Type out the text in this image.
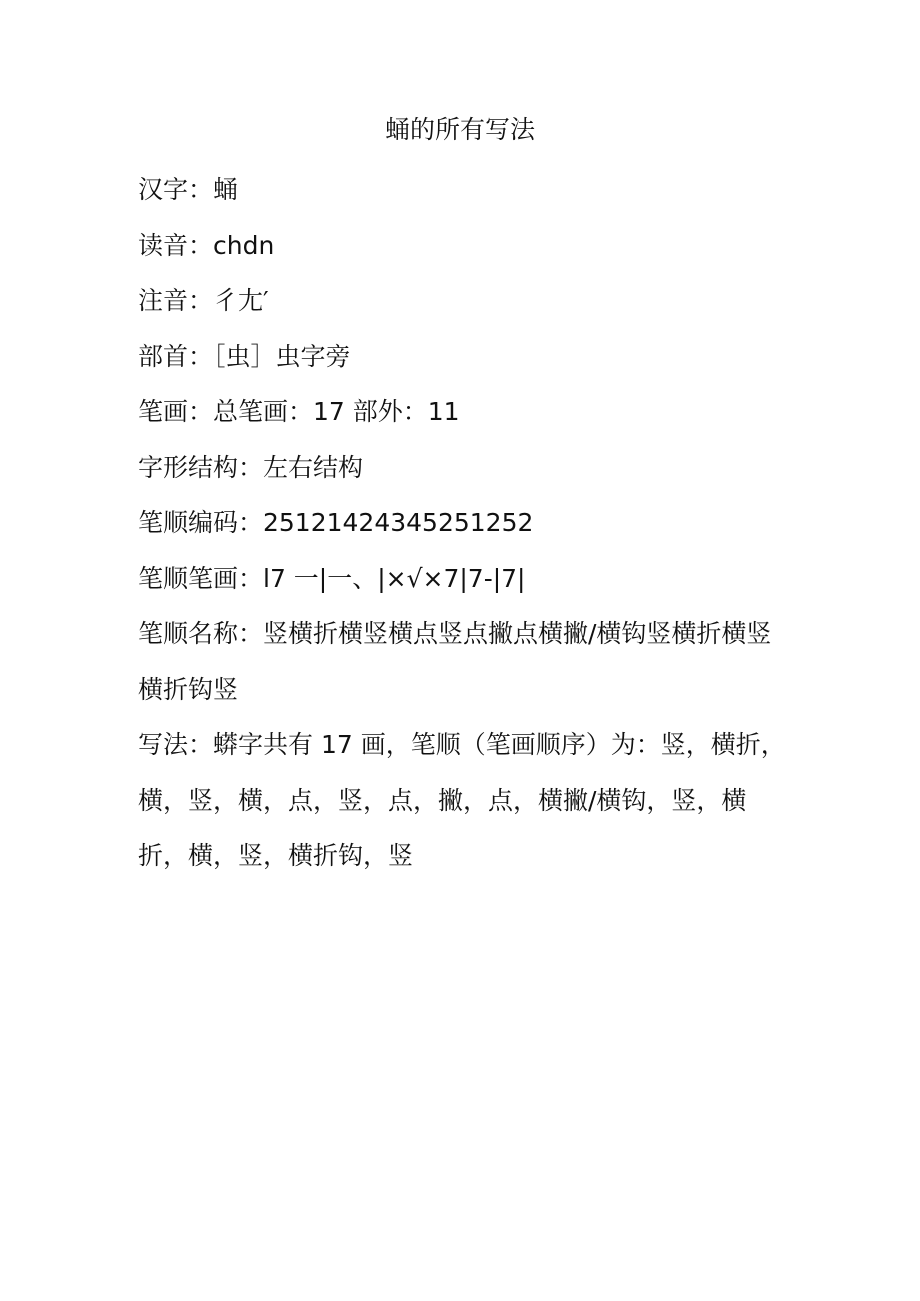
蛹的所有写法
汉字：蛹
读音：chdn
注音：彳尢′
部首：［虫］虫字旁
笔画：总笔画：17 部外：11
字形结构：左右结构
笔顺编码：25121424345251252
笔顺笔画：l7 一|一、|×√×7|7-|7|
笔顺名称：竖横折横竖横点竖点撇点横撇/横钩竖横折横竖横折钩竖
写法：蟒字共有 17 画，笔顺（笔画顺序）为：竖，横折，横，竖，横，点，竖，点，撇，点，横撇/横钩，竖，横折，横，竖，横折钩，竖
